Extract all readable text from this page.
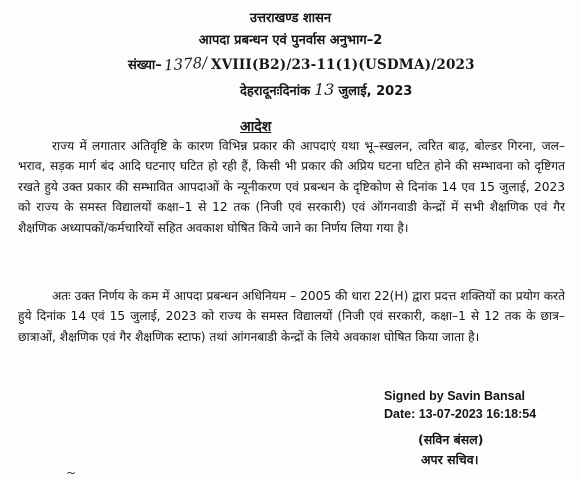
उत्तराखण्ड शासन
आपदा प्रबन्धन एवं पुनर्वास अनुभाग–2
संख्या–1378/ XVIII(B2)/23-11(1)(USDMA)/2023
देहरादूनःदिनांक 13 जुलाई, 2023
आदेश
राज्य में लगातार अतिवृष्टि के कारण विभिन्न प्रकार की आपदाएं यथा भू–स्खलन, त्वरित बाढ़, बोल्डर गिरना, जल–भराव, सड़क मार्ग बंद आदि घटनाए घटित हो रही हैं, किसी भी प्रकार की अप्रिय घटना घटित होने की सम्भावना को दृष्टिगत रखते हुये उक्त प्रकार की सम्भावित आपदाओं के न्यूनीकरण एवं प्रबन्धन के दृष्टिकोण से दिनांक 14 एव 15 जुलाई, 2023 को राज्य के समस्त विद्यालयों कक्षा–1 से 12 तक (निजी एवं सरकारी) एवं ऑगनवाडी केन्द्रों में सभी शैक्षणिक एवं गैर शैक्षणिक अध्यापकों/कर्मचारियों सहित अवकाश घोषित किये जाने का निर्णय लिया गया है।
अतः उक्त निर्णय के कम में आपदा प्रबन्धन अधिनियम – 2005 की धारा 22(H) द्वारा प्रदत्त शक्तियों का प्रयोग करते हुये दिनांक 14 एवं 15 जुलाई, 2023 को राज्य के समस्त विद्यालयों (निजी एवं सरकारी, कक्षा–1 से 12 तक के छात्र–छात्राओं, शैक्षणिक एवं गैर शैक्षणिक स्टाफ) तथां आंगनबाडी केन्द्रों के लिये अवकाश घोषित किया जाता है।
Signed by Savin Bansal
Date: 13-07-2023 16:18:54
(सविन बंसल)
अपर सचिव।
~
